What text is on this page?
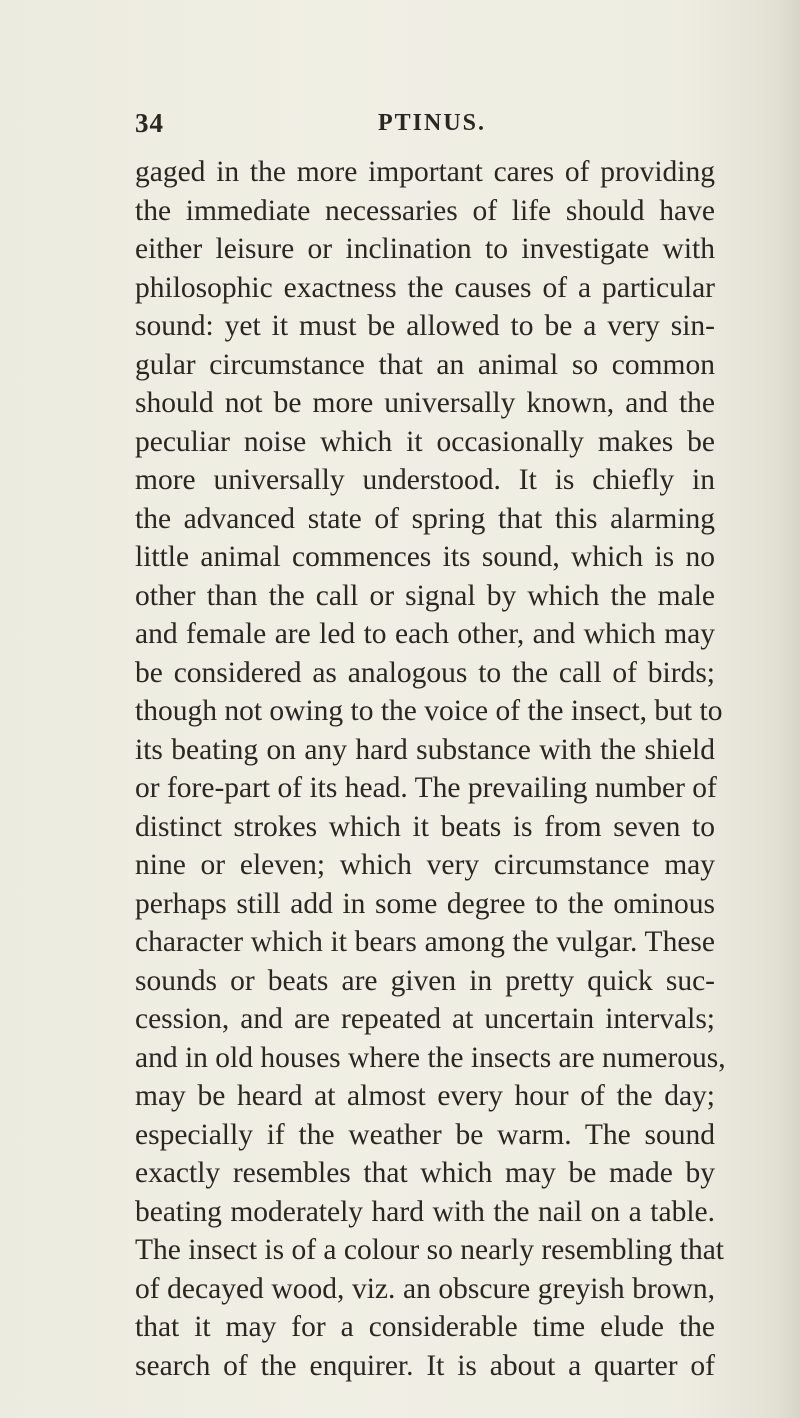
34	PTINUS.
gaged in the more important cares of providing
the immediate necessaries of life should have
either leisure or inclination to investigate with
philosophic exactness the causes of a particular
sound: yet it must be allowed to be a very sin-
gular circumstance that an animal so common
should not be more universally known, and the
peculiar noise which it occasionally makes be
more universally understood. It is chiefly in
the advanced state of spring that this alarming
little animal commences its sound, which is no
other than the call or signal by which the male
and female are led to each other, and which may
be considered as analogous to the call of birds;
though not owing to the voice of the insect, but to
its beating on any hard substance with the shield
or fore-part of its head. The prevailing number of
distinct strokes which it beats is from seven to
nine or eleven; which very circumstance may
perhaps still add in some degree to the ominous
character which it bears among the vulgar. These
sounds or beats are given in pretty quick suc-
cession, and are repeated at uncertain intervals;
and in old houses where the insects are numerous,
may be heard at almost every hour of the day;
especially if the weather be warm. The sound
exactly resembles that which may be made by
beating moderately hard with the nail on a table.
The insect is of a colour so nearly resembling that
of decayed wood, viz. an obscure greyish brown,
that it may for a considerable time elude the
search of the enquirer. It is about a quarter of
